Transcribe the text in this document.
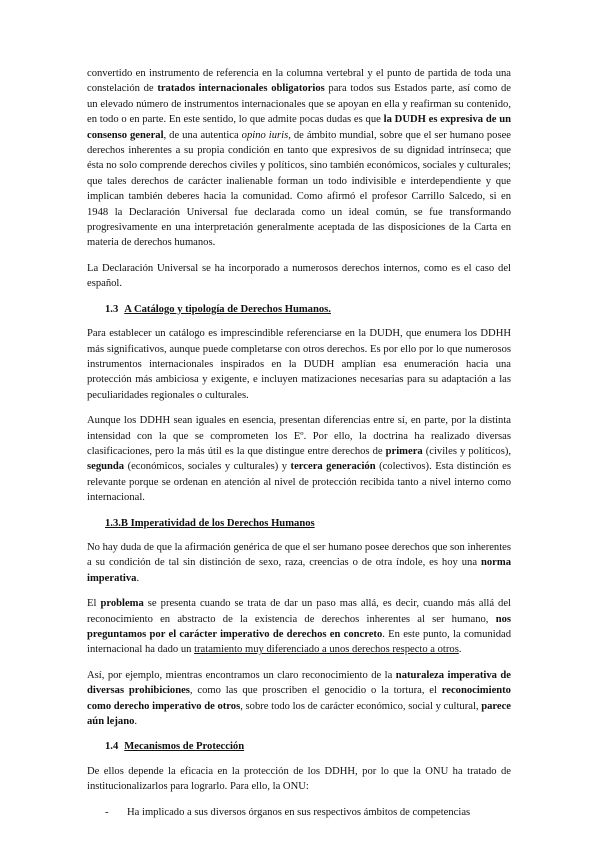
convertido en instrumento de referencia en la columna vertebral y el punto de partida de toda una constelación de tratados internacionales obligatorios para todos sus Estados parte, así como de un elevado número de instrumentos internacionales que se apoyan en ella y reafirman su contenido, en todo o en parte. En este sentido, lo que admite pocas dudas es que la DUDH es expresiva de un consenso general, de una autentica opino iuris, de ámbito mundial, sobre que el ser humano posee derechos inherentes a su propia condición en tanto que expresivos de su dignidad intrínseca; que ésta no solo comprende derechos civiles y políticos, sino también económicos, sociales y culturales; que tales derechos de carácter inalienable forman un todo indivisible e interdependiente y que implican también deberes hacia la comunidad. Como afirmó el profesor Carrillo Salcedo, si en 1948 la Declaración Universal fue declarada como un ideal común, se fue transformando progresivamente en una interpretación generalmente aceptada de las disposiciones de la Carta en materia de derechos humanos.

La Declaración Universal se ha incorporado a numerosos derechos internos, como es el caso del español.

1.3 A Catálogo y tipología de Derechos Humanos.

Para establecer un catálogo es imprescindible referenciarse en la DUDH, que enumera los DDHH más significativos, aunque puede completarse con otros derechos. Es por ello por lo que numerosos instrumentos internacionales inspirados en la DUDH amplían esa enumeración hacia una protección más ambiciosa y exigente, e incluyen matizaciones necesarias para su adaptación a las peculiaridades regionales o culturales.

Aunque los DDHH sean iguales en esencia, presentan diferencias entre sí, en parte, por la distinta intensidad con la que se comprometen los Eº. Por ello, la doctrina ha realizado diversas clasificaciones, pero la más útil es la que distingue entre derechos de primera (civiles y políticos), segunda (económicos, sociales y culturales) y tercera generación (colectivos). Esta distinción es relevante porque se ordenan en atención al nivel de protección recibida tanto a nivel interno como internacional.

1.3.B Imperatividad de los Derechos Humanos

No hay duda de que la afirmación genérica de que el ser humano posee derechos que son inherentes a su condición de tal sin distinción de sexo, raza, creencias o de otra índole, es hoy una norma imperativa.

El problema se presenta cuando se trata de dar un paso mas allá, es decir, cuando más allá del reconocimiento en abstracto de la existencia de derechos inherentes al ser humano, nos preguntamos por el carácter imperativo de derechos en concreto. En este punto, la comunidad internacional ha dado un tratamiento muy diferenciado a unos derechos respecto a otros.

Así, por ejemplo, mientras encontramos un claro reconocimiento de la naturaleza imperativa de diversas prohibiciones, como las que proscriben el genocidio o la tortura, el reconocimiento como derecho imperativo de otros, sobre todo los de carácter económico, social y cultural, parece aún lejano.

1.4 Mecanismos de Protección

De ellos depende la eficacia en la protección de los DDHH, por lo que la ONU ha tratado de institucionalizarlos para lograrlo. Para ello, la ONU:

-	Ha implicado a sus diversos órganos en sus respectivos ámbitos de competencias
